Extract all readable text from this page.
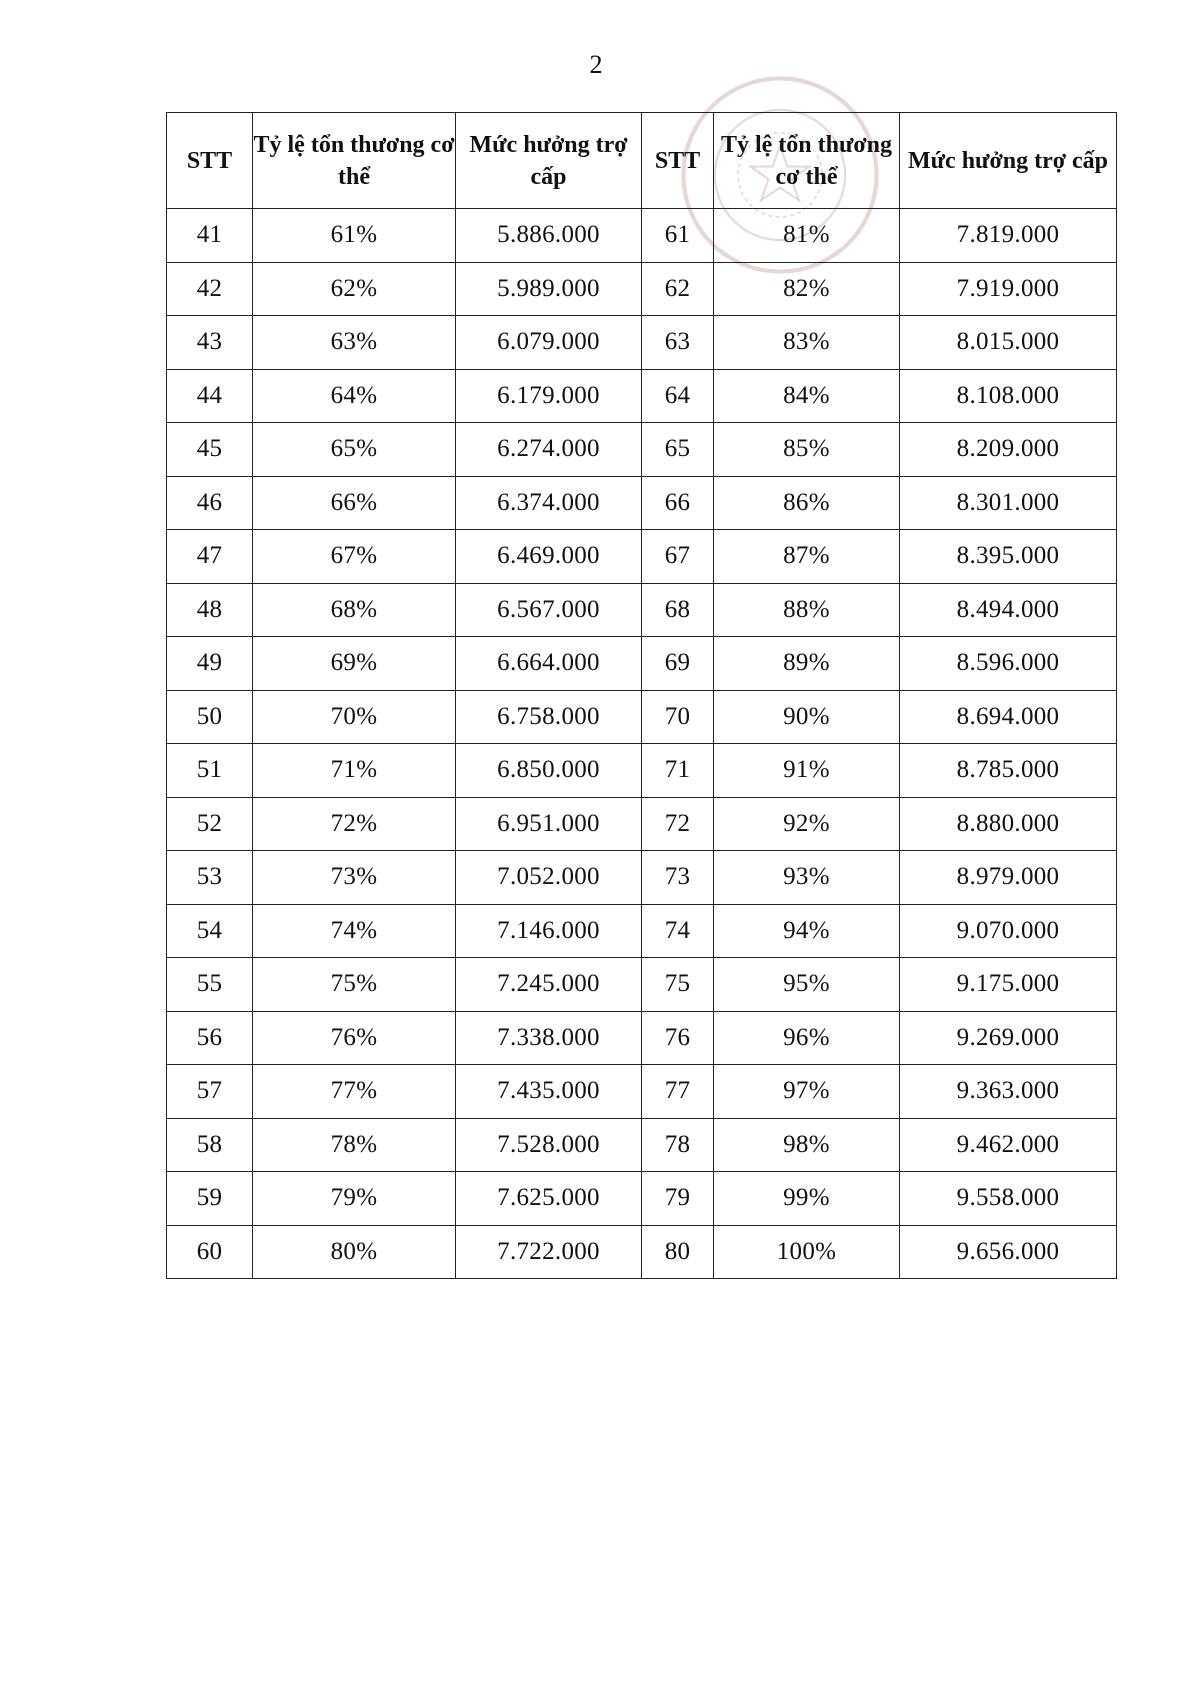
2
STT	Tỷ lệ tổn thương cơ thể	Mức hưởng trợ cấp	STT	Tỷ lệ tổn thương cơ thể	Mức hưởng trợ cấp
41	61%	5.886.000	61	81%	7.819.000
42	62%	5.989.000	62	82%	7.919.000
43	63%	6.079.000	63	83%	8.015.000
44	64%	6.179.000	64	84%	8.108.000
45	65%	6.274.000	65	85%	8.209.000
46	66%	6.374.000	66	86%	8.301.000
47	67%	6.469.000	67	87%	8.395.000
48	68%	6.567.000	68	88%	8.494.000
49	69%	6.664.000	69	89%	8.596.000
50	70%	6.758.000	70	90%	8.694.000
51	71%	6.850.000	71	91%	8.785.000
52	72%	6.951.000	72	92%	8.880.000
53	73%	7.052.000	73	93%	8.979.000
54	74%	7.146.000	74	94%	9.070.000
55	75%	7.245.000	75	95%	9.175.000
56	76%	7.338.000	76	96%	9.269.000
57	77%	7.435.000	77	97%	9.363.000
58	78%	7.528.000	78	98%	9.462.000
59	79%	7.625.000	79	99%	9.558.000
60	80%	7.722.000	80	100%	9.656.000
